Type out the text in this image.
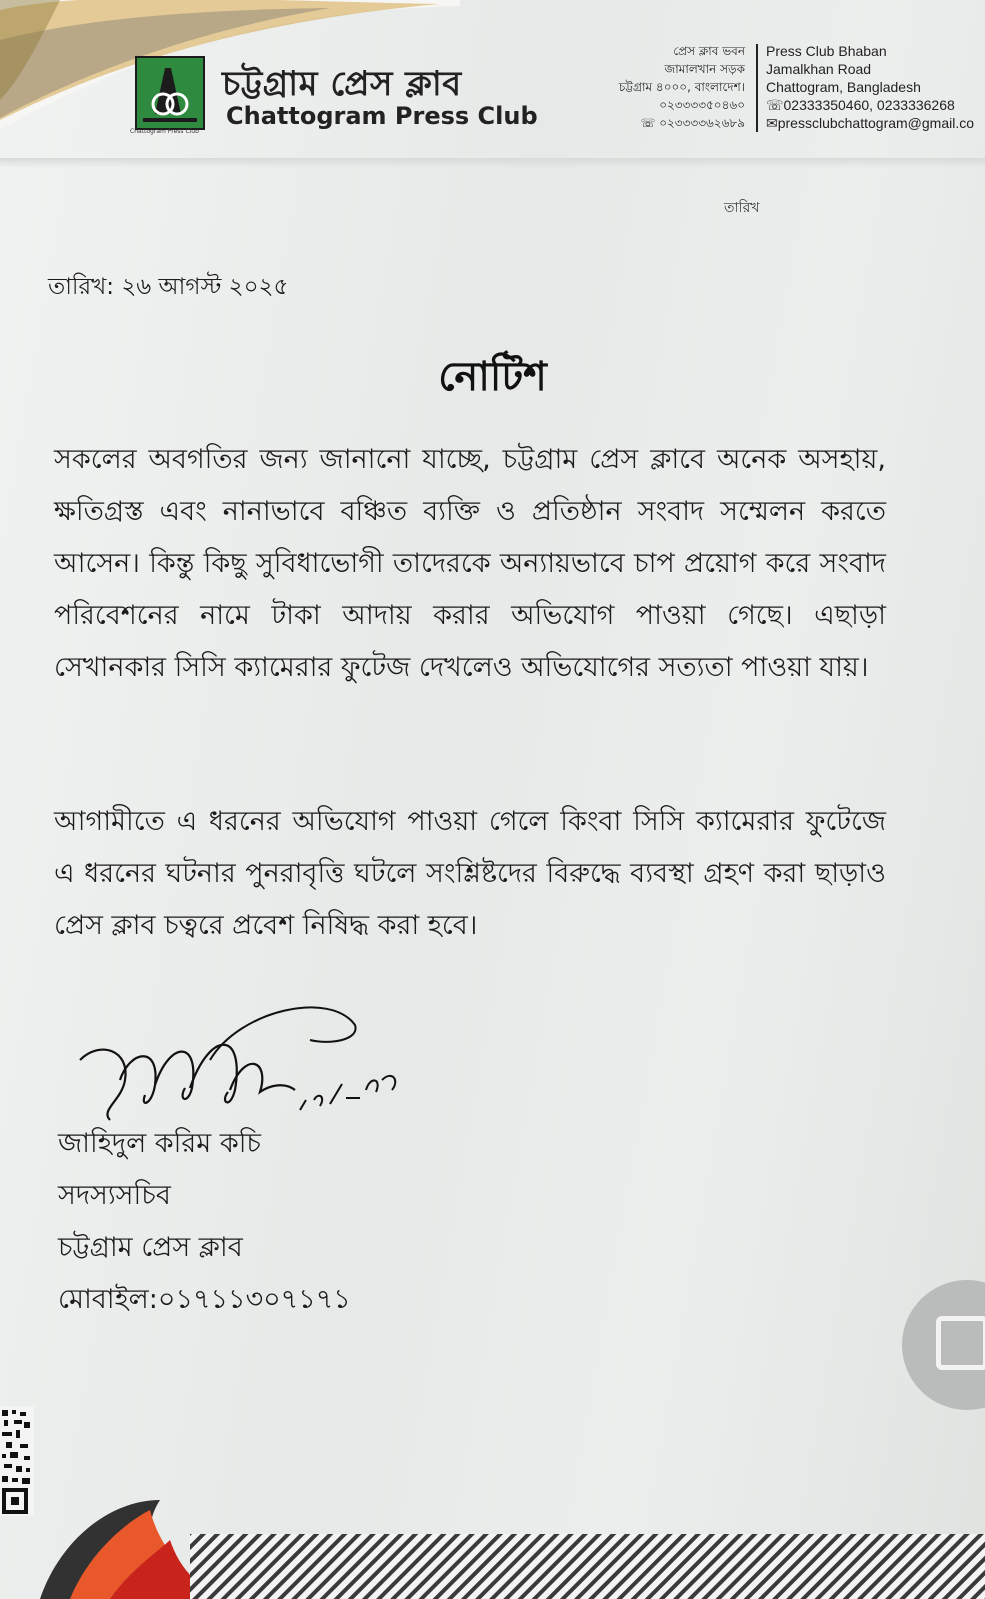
Chattogram Press Club
চট্টগ্রাম প্রেস ক্লাব
Chattogram Press Club
প্রেস ক্লাব ভবন
জামালখান সড়ক
চট্টগ্রাম ৪০০০, বাংলাদেশ।
০২৩৩৩৩৫০৪৬০
☏ ০২৩৩৩৩৬২৬৮৯
Press Club Bhaban
Jamalkhan Road
Chattogram, Bangladesh
☏02333350460, 0233336268
✉pressclubchattogram@gmail.co
তারিখ
তারিখ: ২৬ আগস্ট ২০২৫
নোটিশ
সকলের অবগতির জন্য জানানো যাচ্ছে, চট্টগ্রাম প্রেস ক্লাবে অনেক অসহায়, ক্ষতিগ্রস্ত এবং নানাভাবে বঞ্চিত ব্যক্তি ও প্রতিষ্ঠান সংবাদ সম্মেলন করতে আসেন। কিন্তু কিছু সুবিধাভোগী তাদেরকে অন্যায়ভাবে চাপ প্রয়োগ করে সংবাদ পরিবেশনের নামে টাকা আদায় করার অভিযোগ পাওয়া গেছে। এছাড়া সেখানকার সিসি ক্যামেরার ফুটেজ দেখলেও অভিযোগের সত্যতা পাওয়া যায়।
আগামীতে এ ধরনের অভিযোগ পাওয়া গেলে কিংবা সিসি ক্যামেরার ফুটেজে এ ধরনের ঘটনার পুনরাবৃত্তি ঘটলে সংশ্লিষ্টদের বিরুদ্ধে ব্যবস্থা গ্রহণ করা ছাড়াও প্রেস ক্লাব চত্বরে প্রবেশ নিষিদ্ধ করা হবে।
জাহিদুল করিম কচি
সদস্যসচিব
চট্টগ্রাম প্রেস ক্লাব
মোবাইল:০১৭১১৩০৭১৭১
